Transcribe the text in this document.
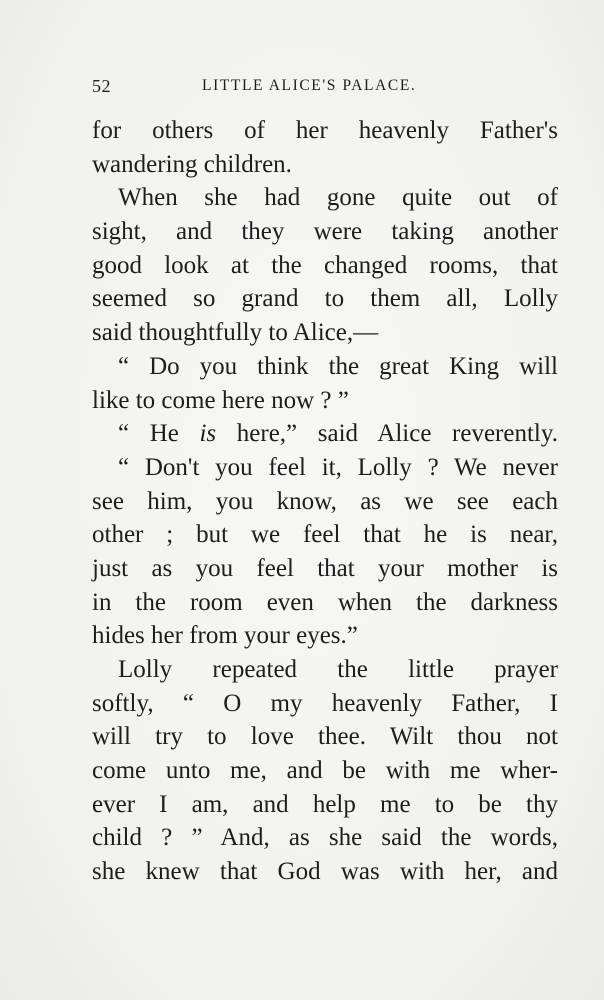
52	LITTLE ALICE'S PALACE.
for others of her heavenly Father's
wandering children.
When she had gone quite out of
sight, and they were taking another
good look at the changed rooms, that
seemed so grand to them all, Lolly
said thoughtfully to Alice,—
“ Do you think the great King will
like to come here now ? ”
“ He is here,” said Alice reverently.
“ Don't you feel it, Lolly ? We never
see him, you know, as we see each
other ; but we feel that he is near,
just as you feel that your mother is
in the room even when the darkness
hides her from your eyes.”
Lolly repeated the little prayer
softly, “ O my heavenly Father, I
will try to love thee. Wilt thou not
come unto me, and be with me wher-
ever I am, and help me to be thy
child ? ” And, as she said the words,
she knew that God was with her, and
